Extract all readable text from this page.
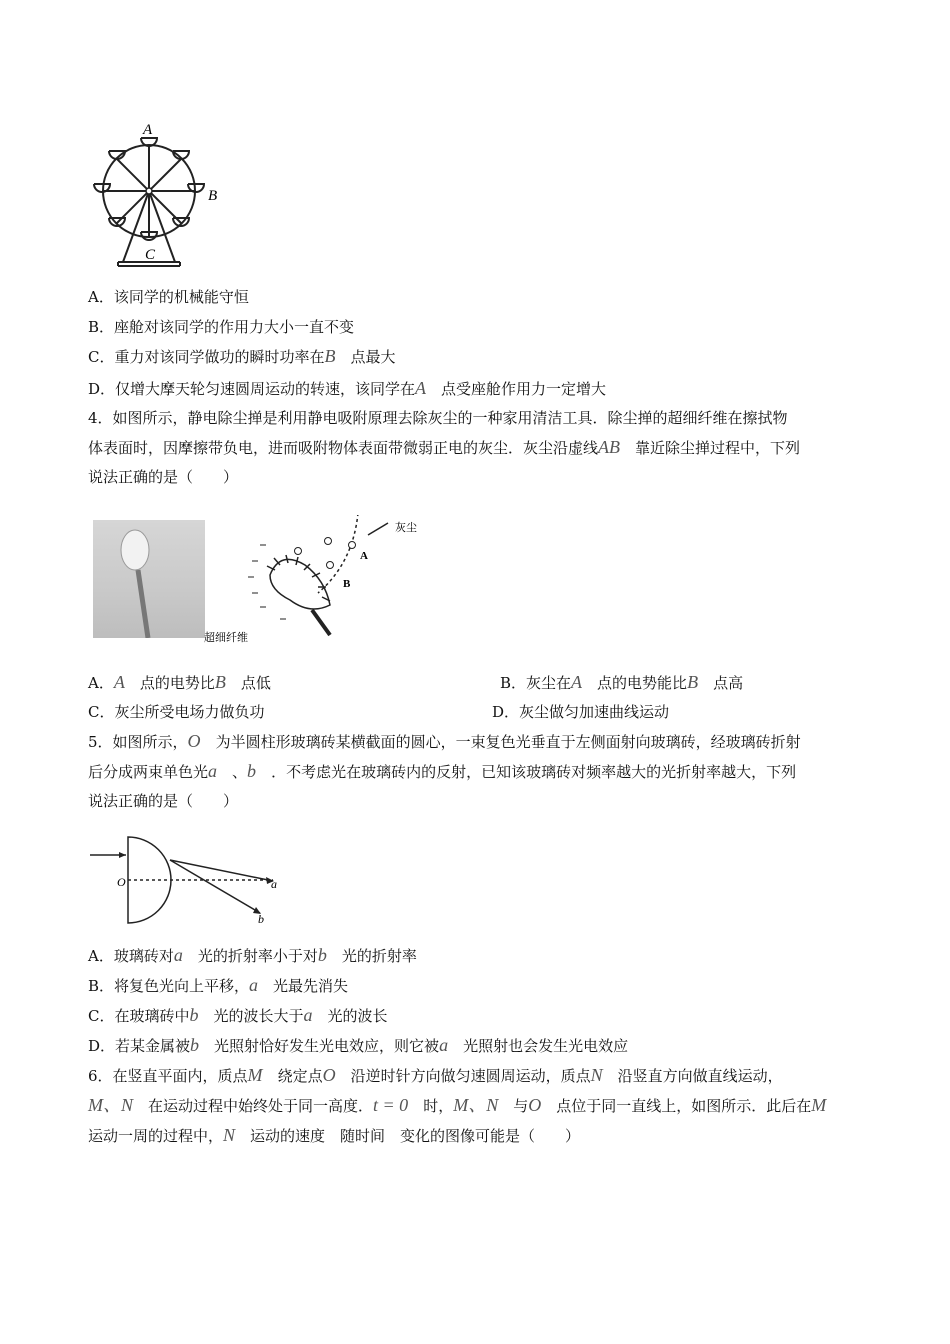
A
B
C
A．该同学的机械能守恒
B．座舱对该同学的作用力大小一直不变
C．重力对该同学做功的瞬时功率在B　 点最大
D．仅增大摩天轮匀速圆周运动的转速，该同学在A　 点受座舱作用力一定增大
4．如图所示，静电除尘掸是利用静电吸附原理去除灰尘的一种家用清洁工具．除尘掸的超细纤维在擦拭物
体表面时，因摩擦带负电，进而吸附物体表面带微弱正电的灰尘．灰尘沿虚线AB　 靠近除尘掸过程中，下列
说法正确的是（　　）
灰尘
A
B
超细纤维
A．A　 点的电势比B　 点低	B．灰尘在A　 点的电势能比B　 点高
C．灰尘所受电场力做负功	D．灰尘做匀加速曲线运动
5．如图所示，O　 为半圆柱形玻璃砖某横截面的圆心，一束复色光垂直于左侧面射向玻璃砖，经玻璃砖折射
后分成两束单色光a　 、b　 ．不考虑光在玻璃砖内的反射，已知该玻璃砖对频率越大的光折射率越大，下列
说法正确的是（　　）
O	a
b
A．玻璃砖对a　 光的折射率小于对b　 光的折射率
B．将复色光向上平移，a　 光最先消失
C．在玻璃砖中b　 光的波长大于a　 光的波长
D．若某金属被b　 光照射恰好发生光电效应，则它被a　 光照射也会发生光电效应
6．在竖直平面内，质点M　 绕定点O　 沿逆时针方向做匀速圆周运动，质点N　 沿竖直方向做直线运动，
M、N　 在运动过程中始终处于同一高度．t = 0　 时，M、N　 与O　 点位于同一直线上，如图所示．此后在M
运动一周的过程中，N　 运动的速度　随时间　变化的图像可能是（　　）
